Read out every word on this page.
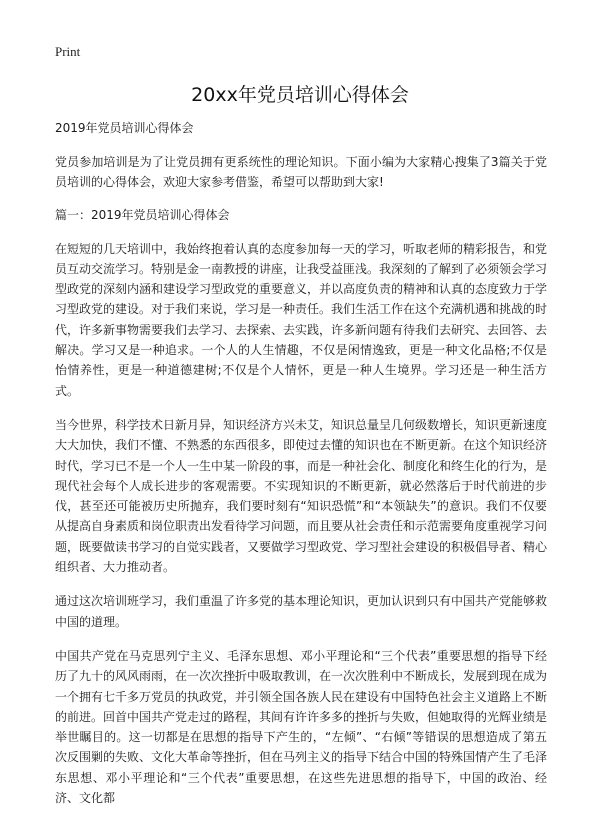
Print
20xx年党员培训心得体会

2019年党员培训心得体会

党员参加培训是为了让党员拥有更系统性的理论知识。下面小编为大家精心搜集了3篇关于党员培训的心得体会，欢迎大家参考借鉴，希望可以帮助到大家!

篇一：2019年党员培训心得体会

在短短的几天培训中，我始终抱着认真的态度参加每一天的学习，听取老师的精彩报告，和党员互动交流学习。特别是金一南教授的讲座，让我受益匪浅。我深刻的了解到了必须领会学习型政党的深刻内涵和建设学习型政党的重要意义，并以高度负责的精神和认真的态度致力于学习型政党的建设。对于我们来说，学习是一种责任。我们生活工作在这个充满机遇和挑战的时代，许多新事物需要我们去学习、去探索、去实践，许多新问题有待我们去研究、去回答、去解决。学习又是一种追求。一个人的人生情趣，不仅是闲情逸致，更是一种文化品格;不仅是怡情养性，更是一种道德建树;不仅是个人情怀，更是一种人生境界。学习还是一种生活方式。

当今世界，科学技术日新月异，知识经济方兴未艾，知识总量呈几何级数增长，知识更新速度大大加快，我们不懂、不熟悉的东西很多，即使过去懂的知识也在不断更新。在这个知识经济时代，学习已不是一个人一生中某一阶段的事，而是一种社会化、制度化和终生化的行为，是现代社会每个人成长进步的客观需要。不实现知识的不断更新，就必然落后于时代前进的步伐，甚至还可能被历史所抛弃，我们要时刻有“知识恐慌”和“本领缺失”的意识。我们不仅要从提高自身素质和岗位职责出发看待学习问题，而且要从社会责任和示范需要角度重视学习问题，既要做读书学习的自觉实践者，又要做学习型政党、学习型社会建设的积极倡导者、精心组织者、大力推动者。

通过这次培训班学习，我们重温了许多党的基本理论知识，更加认识到只有中国共产党能够救中国的道理。

中国共产党在马克思列宁主义、毛泽东思想、邓小平理论和“三个代表”重要思想的指导下经历了九十的风风雨雨，在一次次挫折中吸取教训，在一次次胜利中不断成长，发展到现在成为一个拥有七千多万党员的执政党，并引领全国各族人民在建设有中国特色社会主义道路上不断的前进。回首中国共产党走过的路程，其间有许许多多的挫折与失败，但她取得的光辉业绩是举世瞩目的。这一切都是在思想的指导下产生的，“左倾”、“右倾”等错误的思想造成了第五次反围剿的失败、文化大革命等挫折，但在马列主义的指导下结合中国的特殊国情产生了毛泽东思想、邓小平理论和“三个代表”重要思想，在这些先进思想的指导下，中国的政治、经济、文化都
